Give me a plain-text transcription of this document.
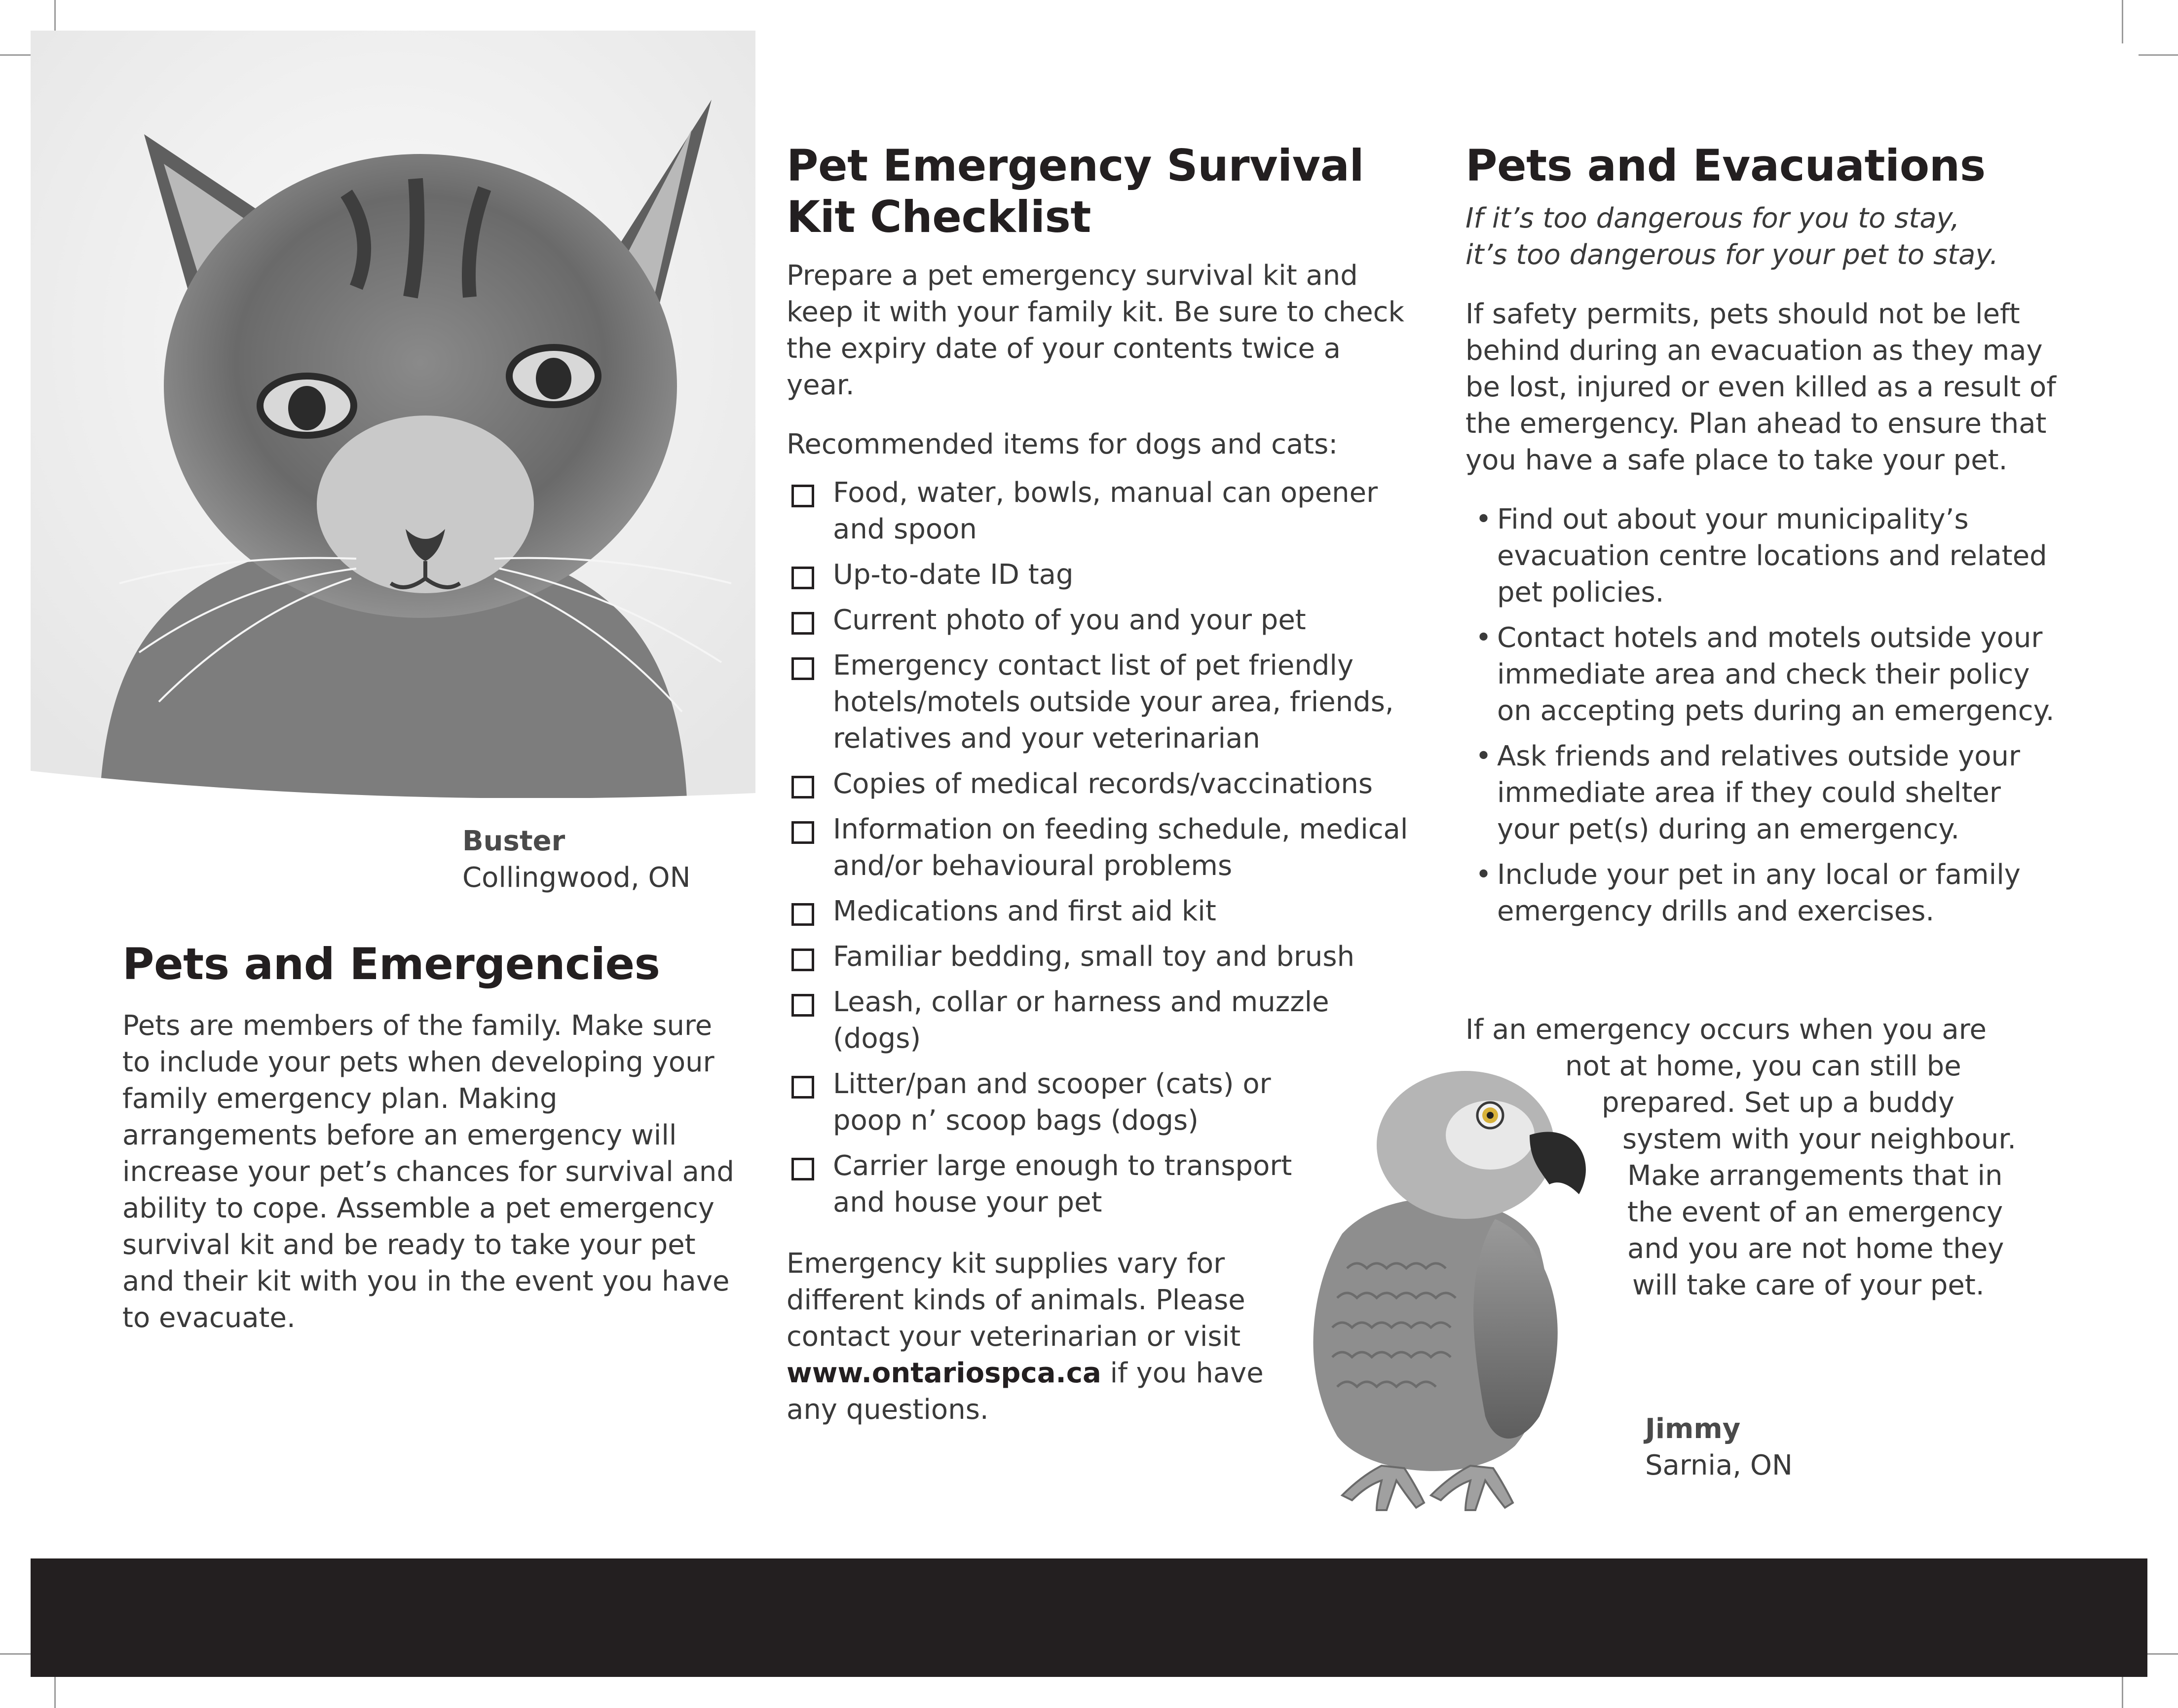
Buster
Collingwood, ON
Pets and Emergencies

Pets are members of the family. Make sure to include your pets when developing your family emergency plan. Making arrangements before an emergency will increase your pet’s chances for survival and ability to cope. Assemble a pet emergency survival kit and be ready to take your pet and their kit with you in the event you have to evacuate.

Pet Emergency Survival Kit Checklist

Prepare a pet emergency survival kit and keep it with your family kit. Be sure to check the expiry date of your contents twice a year.

Recommended items for dogs and cats:

Food, water, bowls, manual can opener and spoon
Up-to-date ID tag
Current photo of you and your pet
Emergency contact list of pet friendly hotels/motels outside your area, friends, relatives and your veterinarian
Copies of medical records/vaccinations
Information on feeding schedule, medical and/or behavioural problems
Medications and first aid kit
Familiar bedding, small toy and brush
Leash, collar or harness and muzzle (dogs)
Litter/pan and scooper (cats) or poop n’ scoop bags (dogs)
Carrier large enough to transport and house your pet

Emergency kit supplies vary for different kinds of animals. Please contact your veterinarian or visit www.ontariospca.ca if you have any questions.

Pets and Evacuations

If it’s too dangerous for you to stay, it’s too dangerous for your pet to stay.

If safety permits, pets should not be left behind during an evacuation as they may be lost, injured or even killed as a result of the emergency. Plan ahead to ensure that you have a safe place to take your pet.

• Find out about your municipality’s evacuation centre locations and related pet policies.
• Contact hotels and motels outside your immediate area and check their policy on accepting pets during an emergency.
• Ask friends and relatives outside your immediate area if they could shelter your pet(s) during an emergency.
• Include your pet in any local or family emergency drills and exercises.
If an emergency occurs when you are
not at home, you can still be
prepared. Set up a buddy
system with your neighbour.
Make arrangements that in
the event of an emergency
and you are not home they
will take care of your pet.
Jimmy
Sarnia, ON
